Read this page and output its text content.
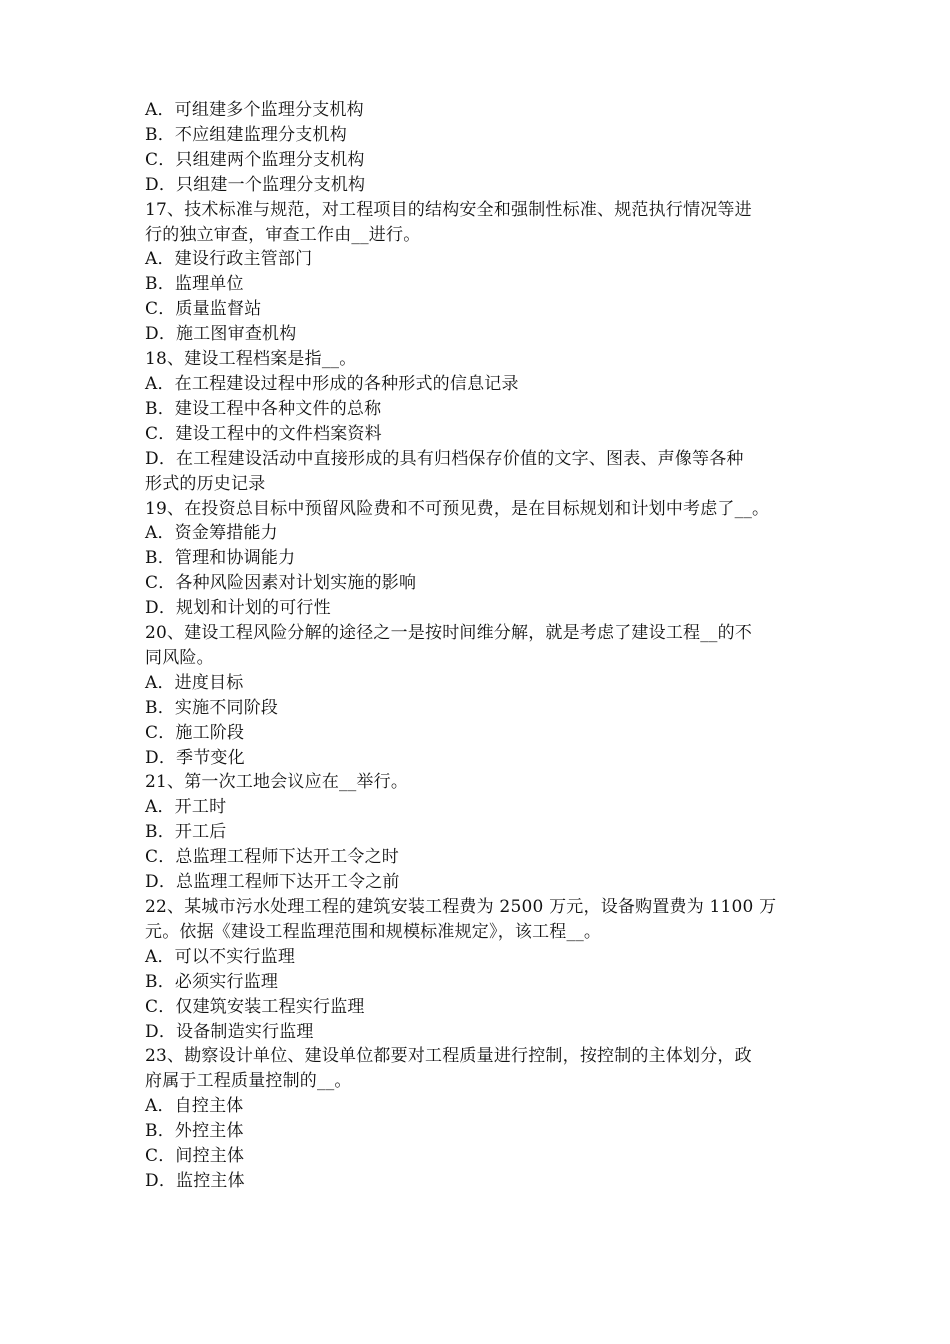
A．可组建多个监理分支机构
B．不应组建监理分支机构
C．只组建两个监理分支机构
D．只组建一个监理分支机构
17、技术标准与规范，对工程项目的结构安全和强制性标准、规范执行情况等进
行的独立审查，审查工作由__进行。
A．建设行政主管部门
B．监理单位
C．质量监督站
D．施工图审查机构
18、建设工程档案是指__。
A．在工程建设过程中形成的各种形式的信息记录
B．建设工程中各种文件的总称
C．建设工程中的文件档案资料
D．在工程建设活动中直接形成的具有归档保存价值的文字、图表、声像等各种
形式的历史记录
19、在投资总目标中预留风险费和不可预见费，是在目标规划和计划中考虑了__。
A．资金筹措能力
B．管理和协调能力
C．各种风险因素对计划实施的影响
D．规划和计划的可行性
20、建设工程风险分解的途径之一是按时间维分解，就是考虑了建设工程__的不
同风险。
A．进度目标
B．实施不同阶段
C．施工阶段
D．季节变化
21、第一次工地会议应在__举行。
A．开工时
B．开工后
C．总监理工程师下达开工令之时
D．总监理工程师下达开工令之前
22、某城市污水处理工程的建筑安装工程费为 2500 万元，设备购置费为 1100 万
元。依据《建设工程监理范围和规模标准规定》，该工程__。
A．可以不实行监理
B．必须实行监理
C．仅建筑安装工程实行监理
D．设备制造实行监理
23、勘察设计单位、建设单位都要对工程质量进行控制，按控制的主体划分，政
府属于工程质量控制的__。
A．自控主体
B．外控主体
C．间控主体
D．监控主体
